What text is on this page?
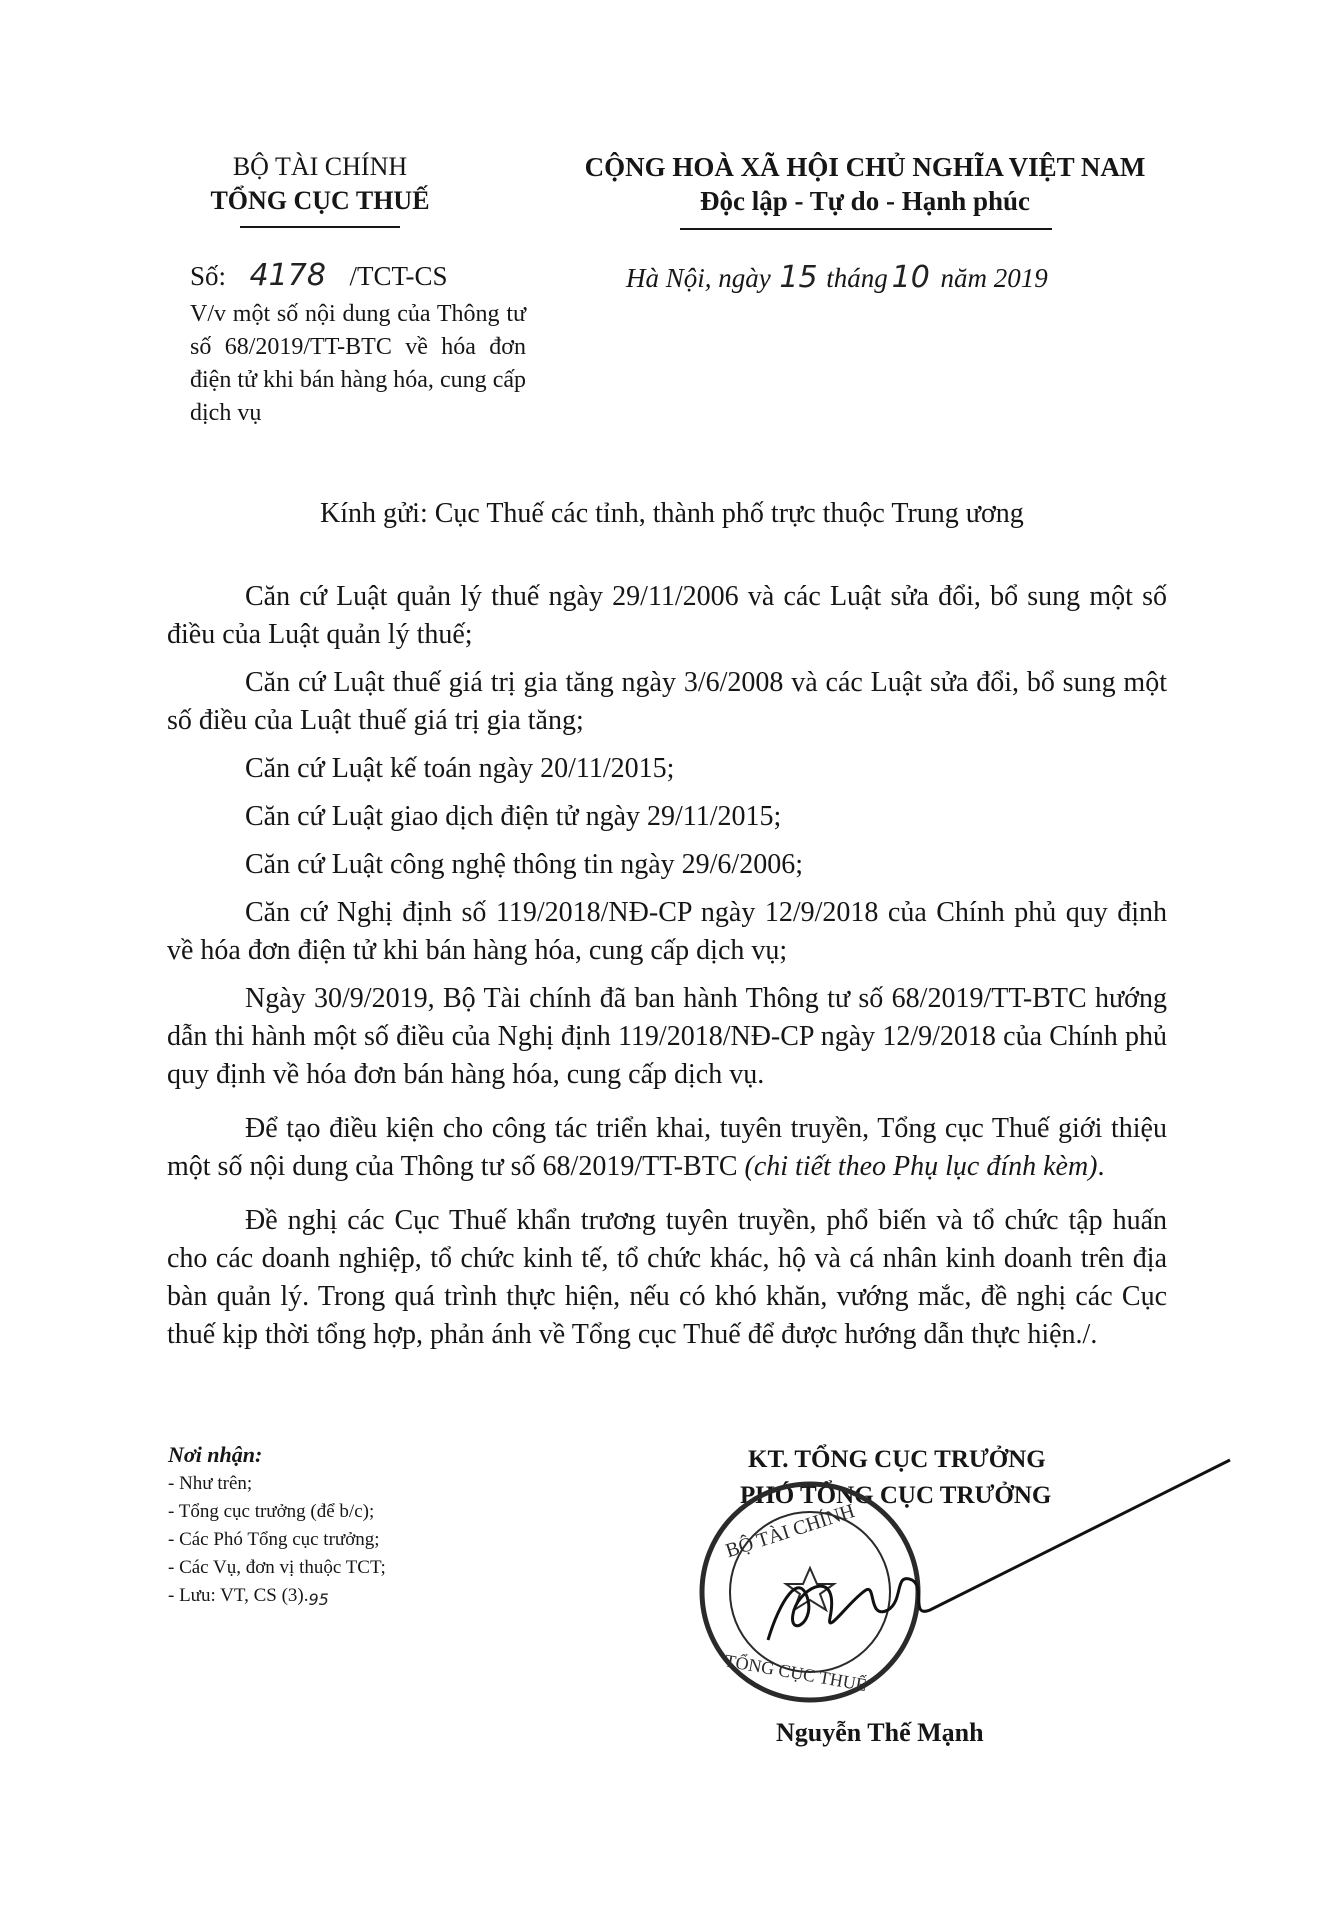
BỘ TÀI CHÍNH
TỔNG CỤC THUẾ
CỘNG HOÀ XÃ HỘI CHỦ NGHĨA VIỆT NAM
Độc lập - Tự do - Hạnh phúc
Số: 4178 /TCT-CS	Hà Nội, ngày 15 tháng 10 năm 2019
V/v một số nội dung của Thông tư số 68/2019/TT-BTC về hóa đơn điện tử khi bán hàng hóa, cung cấp dịch vụ
Kính gửi: Cục Thuế các tỉnh, thành phố trực thuộc Trung ương

Căn cứ Luật quản lý thuế ngày 29/11/2006 và các Luật sửa đổi, bổ sung một số điều của Luật quản lý thuế;

Căn cứ Luật thuế giá trị gia tăng ngày 3/6/2008 và các Luật sửa đổi, bổ sung một số điều của Luật thuế giá trị gia tăng;

Căn cứ Luật kế toán ngày 20/11/2015;

Căn cứ Luật giao dịch điện tử ngày 29/11/2015;

Căn cứ Luật công nghệ thông tin ngày 29/6/2006;

Căn cứ Nghị định số 119/2018/NĐ-CP ngày 12/9/2018 của Chính phủ quy định về hóa đơn điện tử khi bán hàng hóa, cung cấp dịch vụ;

Ngày 30/9/2019, Bộ Tài chính đã ban hành Thông tư số 68/2019/TT-BTC hướng dẫn thi hành một số điều của Nghị định 119/2018/NĐ-CP ngày 12/9/2018 của Chính phủ quy định về hóa đơn bán hàng hóa, cung cấp dịch vụ.

Để tạo điều kiện cho công tác triển khai, tuyên truyền, Tổng cục Thuế giới thiệu một số nội dung của Thông tư số 68/2019/TT-BTC (chi tiết theo Phụ lục đính kèm).

Đề nghị các Cục Thuế khẩn trương tuyên truyền, phổ biến và tổ chức tập huấn cho các doanh nghiệp, tổ chức kinh tế, tổ chức khác, hộ và cá nhân kinh doanh trên địa bàn quản lý. Trong quá trình thực hiện, nếu có khó khăn, vướng mắc, đề nghị các Cục thuế kịp thời tổng hợp, phản ánh về Tổng cục Thuế để được hướng dẫn thực hiện./.

Nơi nhận:
- Như trên;
- Tổng cục trưởng (để b/c);
- Các Phó Tổng cục trưởng;
- Các Vụ, đơn vị thuộc TCT;
- Lưu: VT, CS $(3)._{95}$
KT. TỔNG CỤC TRƯỞNG
PHÓ TỔNG CỤC TRƯỞNG
BỘ TÀI CHÍNH
TỔNG CỤC THUẾ
Nguyễn Thế Mạnh
